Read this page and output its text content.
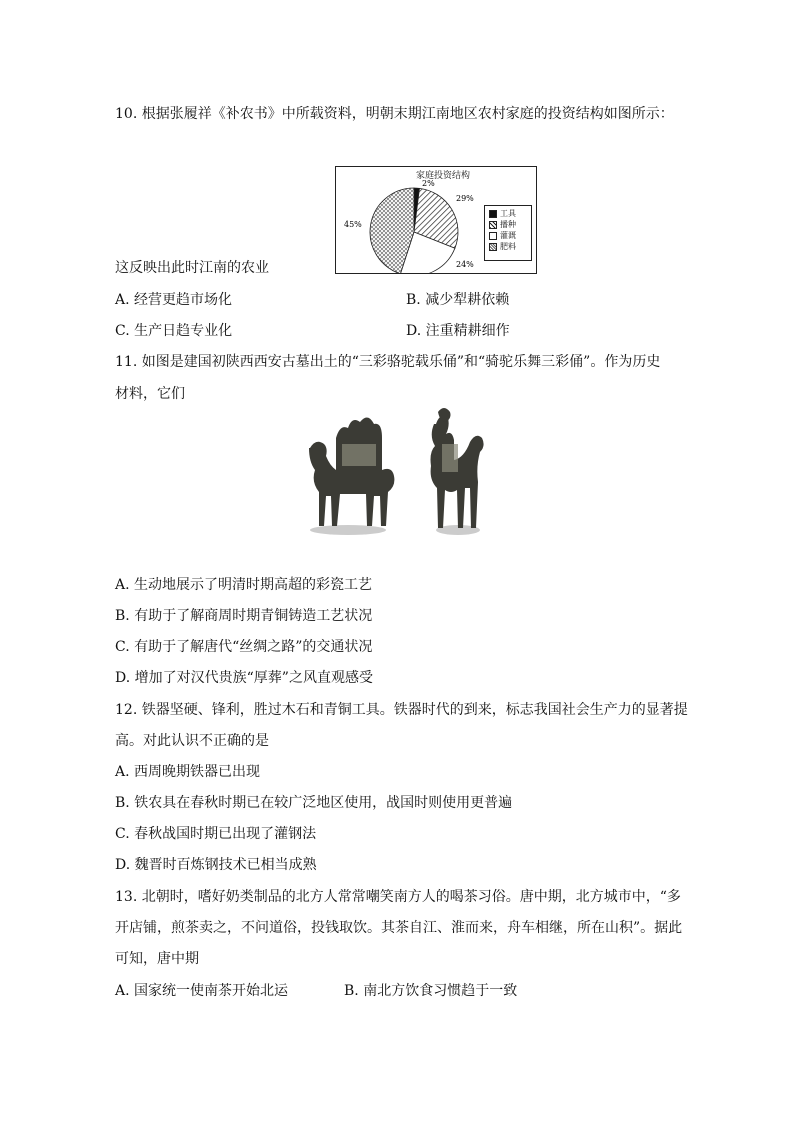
10. 根据张履祥《补农书》中所载资料，明朝末期江南地区农村家庭的投资结构如图所示：
2%
29%
24%
45%
家庭投资结构
工具
播种
灌溉
肥料
这反映出此时江南的农业
A. 经营更趋市场化	B. 减少犁耕依赖
C. 生产日趋专业化	D. 注重精耕细作
11. 如图是建国初陕西西安古墓出土的“三彩骆驼载乐俑”和“骑驼乐舞三彩俑”。作为历史
材料，它们
A. 生动地展示了明清时期高超的彩瓷工艺
B. 有助于了解商周时期青铜铸造工艺状况
C. 有助于了解唐代“丝绸之路”的交通状况
D. 增加了对汉代贵族“厚葬”之风直观感受
12. 铁器坚硬、锋利，胜过木石和青铜工具。铁器时代的到来，标志我国社会生产力的显著提
高。对此认识不正确的是
A. 西周晚期铁器已出现
B. 铁农具在春秋时期已在较广泛地区使用，战国时则使用更普遍
C. 春秋战国时期已出现了灌钢法
D. 魏晋时百炼钢技术已相当成熟
13. 北朝时，嗜好奶类制品的北方人常常嘲笑南方人的喝茶习俗。唐中期，北方城市中，“多
开店铺，煎茶卖之，不问道俗，投钱取饮。其茶自江、淮而来，舟车相继，所在山积”。据此
可知，唐中期
A. 国家统一使南茶开始北运	B. 南北方饮食习惯趋于一致
